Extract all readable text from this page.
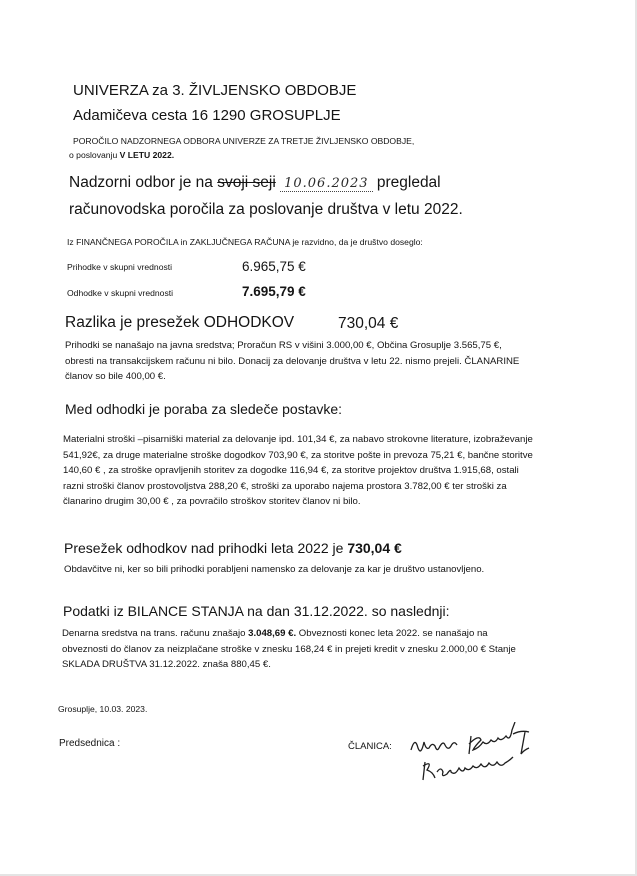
UNIVERZA za 3. ŽIVLJENSKO OBDOBJE
Adamičeva cesta 16 1290 GROSUPLJE
POROČILO NADZORNEGA ODBORA UNIVERZE ZA TRETJE ŽIVLJENSKO OBDOBJE,
o poslovanju V LETU 2022.
Nadzorni odbor je na svoji seji 10.06.2023 pregledal
računovodska poročila za poslovanje društva v letu 2022.
Iz FINANČNEGA POROČILA in ZAKLJUČNEGA RAČUNA je razvidno, da je društvo doseglo:
Prihodke v skupni vrednosti	6.965,75 €
Odhodke v skupni vrednosti	7.695,79 €
Razlika je presežek ODHODKOV	730,04 €
Prihodki se nanašajo na javna sredstva; Proračun RS v višini 3.000,00 €, Občina Grosuplje 3.565,75 €, obresti na transakcijskem računu ni bilo. Donacij za delovanje društva v letu 22. nismo prejeli. ČLANARINE članov so bile 400,00 €.
Med odhodki je poraba za sledeče postavke:
Materialni stroški –pisarniški material za delovanje ipd. 101,34 €, za nabavo strokovne literature, izobraževanje 541,92€, za druge materialne stroške dogodkov 703,90 €, za storitve pošte in prevoza 75,21 €, bančne storitve 140,60 € , za stroške opravljenih storitev za dogodke 116,94 €, za storitve projektov društva 1.915,68, ostali razni stroški članov prostovoljstva 288,20 €, stroški za uporabo najema prostora 3.782,00 € ter stroški za članarino drugim 30,00 € , za povračilo stroškov storitev članov ni bilo.
Presežek odhodkov nad prihodki leta 2022 je 730,04 €
Obdavčitve ni, ker so bili prihodki porabljeni namensko za delovanje za kar je društvo ustanovljeno.
Podatki iz BILANCE STANJA na dan 31.12.2022. so naslednji:
Denarna sredstva na trans. računu znašajo 3.048,69 €. Obveznosti konec leta 2022. se nanašajo na obveznosti do članov za neizplačane stroške v znesku 168,24 € in prejeti kredit v znesku 2.000,00 € Stanje SKLADA DRUŠTVA 31.12.2022. znaša 880,45 €.
Grosuplje, 10.03. 2023.
Predsednica :	ČLANICA:
